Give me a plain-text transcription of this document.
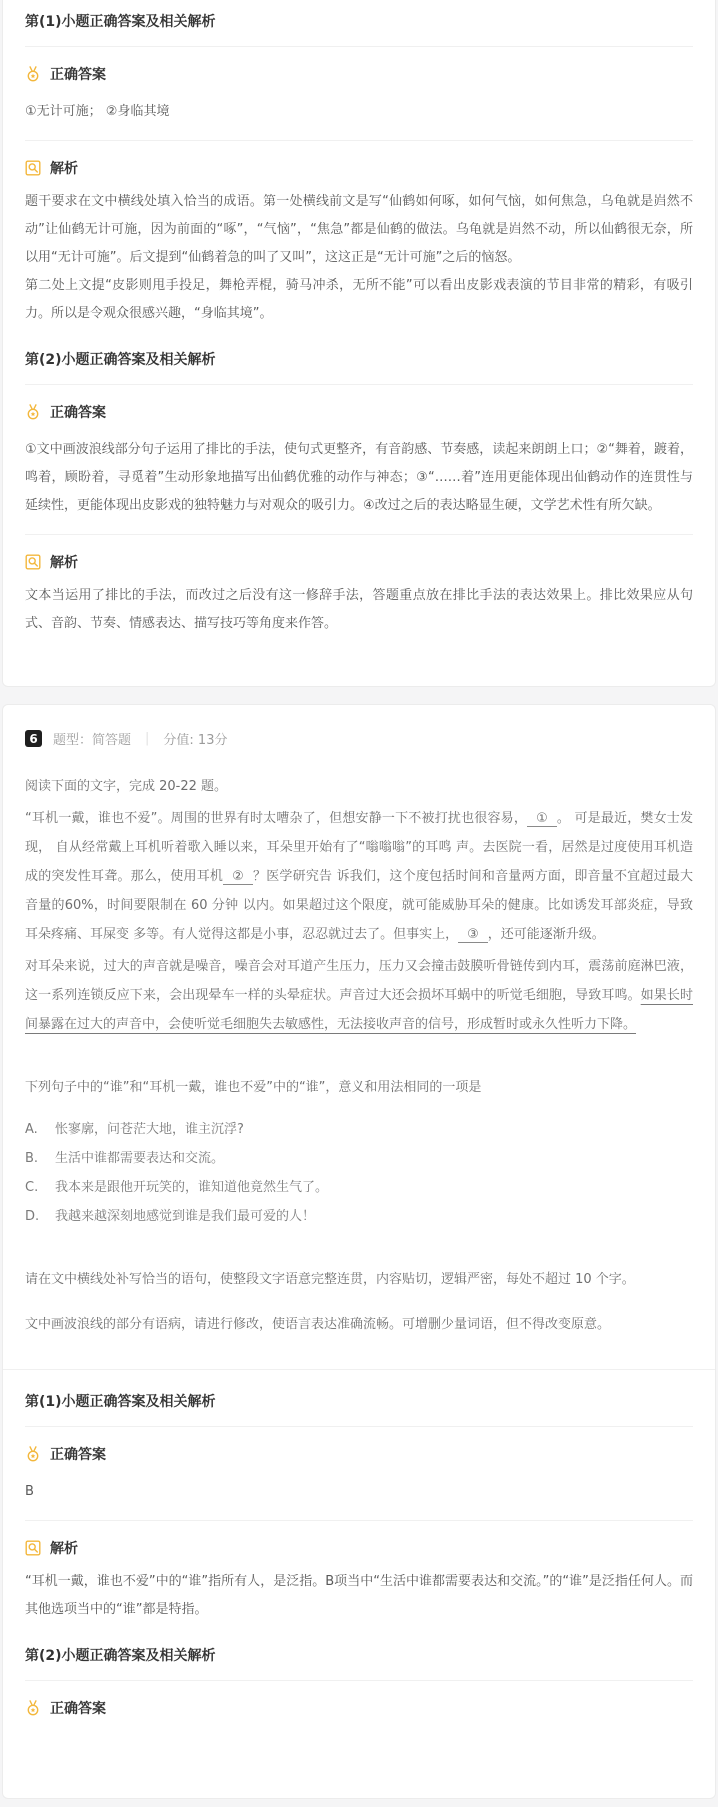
第(1)小题正确答案及相关解析
正确答案

①无计可施； ②身临其境

解析

题干要求在文中横线处填入恰当的成语。第一处横线前文是写“仙鹤如何啄，如何气恼，如何焦急，乌龟就是岿然不动”让仙鹤无计可施，因为前面的“啄”，“气恼”，“焦急”都是仙鹤的做法。乌龟就是岿然不动，所以仙鹤很无奈，所以用“无计可施”。后文提到“仙鹤着急的叫了又叫”，这这正是“无计可施”之后的恼怒。

第二处上文提“皮影则甩手投足，舞枪弄棍，骑马冲杀，无所不能”可以看出皮影戏表演的节目非常的精彩，有吸引力。所以是令观众很感兴趣，“身临其境”。

第(2)小题正确答案及相关解析
正确答案

①文中画波浪线部分句子运用了排比的手法，使句式更整齐，有音韵感、节奏感，读起来朗朗上口；②“舞着，踱着，鸣着，顾盼着，寻觅着”生动形象地描写出仙鹤优雅的动作与神态；③“……着”连用更能体现出仙鹤动作的连贯性与延续性，更能体现出皮影戏的独特魅力与对观众的吸引力。④改过之后的表达略显生硬，文学艺术性有所欠缺。

解析

文本当运用了排比的手法，而改过之后没有这一修辞手法，答题重点放在排比手法的表达效果上。排比效果应从句式、音韵、节奏、情感表达、描写技巧等角度来作答。

6	题型：简答题 | 分值: 13分

阅读下面的文字，完成 20-22 题。

“耳机一戴，谁也不爱”。周围的世界有时太嘈杂了，但想安静一下不被打扰也很容易， ① 。 可是最近，樊女士发现， 自从经常戴上耳机听着歌入睡以来，耳朵里开始有了“嗡嗡嗡”的耳鸣 声。去医院一看，居然是过度使用耳机造成的突发性耳聋。那么，使用耳机 ② ？医学研究告 诉我们，这个度包括时间和音量两方面，即音量不宜超过最大音量的60%，时间要限制在 60 分钟 以内。如果超过这个限度，就可能威胁耳朵的健康。比如诱发耳部炎症，导致耳朵疼痛、耳屎变 多等。有人觉得这都是小事，忍忍就过去了。但事实上， ③ ，还可能逐渐升级。

对耳朵来说，过大的声音就是噪音，噪音会对耳道产生压力，压力又会撞击鼓膜听骨链传到内耳，震荡前庭淋巴液，这一系列连锁反应下来，会出现晕车一样的头晕症状。声音过大还会损坏耳蜗中的听觉毛细胞，导致耳鸣。如果长时间暴露在过大的声音中，会使听觉毛细胞失去敏感性，无法接收声音的信号，形成暂时或永久性听力下降。

下列句子中的“谁”和“耳机一戴，谁也不爱”中的“谁”，意义和用法相同的一项是

A.	怅寥廓，问苍茫大地，谁主沉浮?
B.	生活中谁都需要表达和交流。
C.	我本来是跟他开玩笑的，谁知道他竟然生气了。
D.	我越来越深刻地感觉到谁是我们最可爱的人！

请在文中横线处补写恰当的语句，使整段文字语意完整连贯，内容贴切，逻辑严密，每处不超过 10 个字。

文中画波浪线的部分有语病，请进行修改，使语言表达准确流畅。可增删少量词语，但不得改变原意。

第(1)小题正确答案及相关解析
正确答案

B

解析

“耳机一戴，谁也不爱”中的“谁”指所有人，是泛指。B项当中“生活中谁都需要表达和交流。”的“谁”是泛指任何人。而其他选项当中的“谁”都是特指。

第(2)小题正确答案及相关解析
正确答案
